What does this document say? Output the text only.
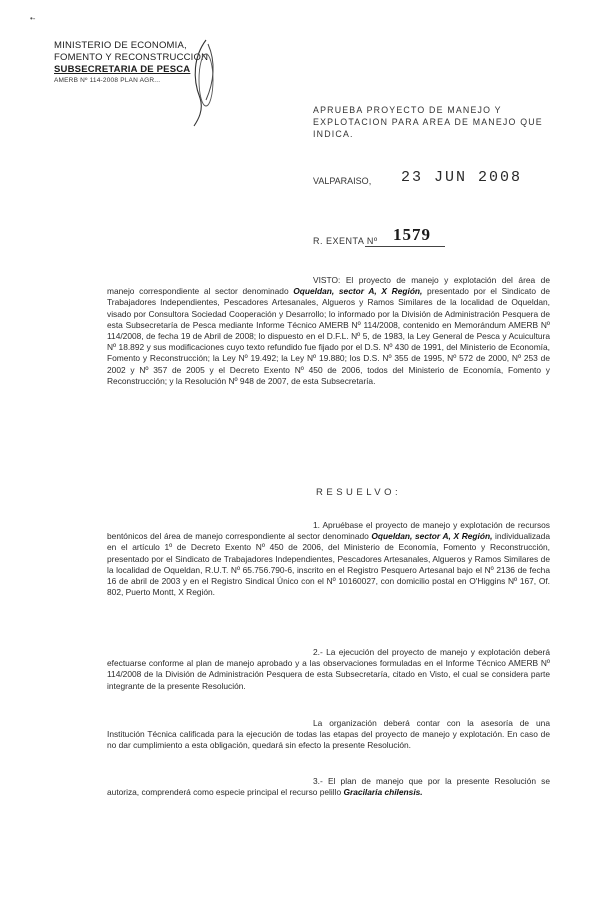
•-
MINISTERIO DE ECONOMIA,
FOMENTO Y RECONSTRUCCION
SUBSECRETARIA DE PESCA
AMERB Nº 114-2008 PLAN AGR...
APRUEBA PROYECTO DE MANEJO Y EXPLOTACION PARA AREA DE MANEJO QUE INDICA.
VALPARAISO, 23 JUN 2008
R. EXENTA Nº 1579
VISTO: El proyecto de manejo y explotación del área de manejo correspondiente al sector denominado Oqueldan, sector A, X Región, presentado por el Sindicato de Trabajadores Independientes, Pescadores Artesanales, Algueros y Ramos Similares de la localidad de Oqueldan, visado por Consultora Sociedad Cooperación y Desarrollo; lo informado por la División de Administración Pesquera de esta Subsecretaría de Pesca mediante Informe Técnico AMERB Nº 114/2008, contenido en Memorándum AMERB Nº 114/2008, de fecha 19 de Abril de 2008; lo dispuesto en el D.F.L. Nº 5, de 1983, la Ley General de Pesca y Acuicultura Nº 18.892 y sus modificaciones cuyo texto refundido fue fijado por el D.S. Nº 430 de 1991, del Ministerio de Economía, Fomento y Reconstrucción; la Ley Nº 19.492; la Ley Nº 19.880; los D.S. Nº 355 de 1995, Nº 572 de 2000, Nº 253 de 2002 y Nº 357 de 2005 y el Decreto Exento Nº 450 de 2006, todos del Ministerio de Economía, Fomento y Reconstrucción; y la Resolución Nº 948 de 2007, de esta Subsecretaría.
RESUELVO:
1. Apruébase el proyecto de manejo y explotación de recursos bentónicos del área de manejo correspondiente al sector denominado Oqueldan, sector A, X Región, individualizada en el artículo 1º de Decreto Exento Nº 450 de 2006, del Ministerio de Economía, Fomento y Reconstrucción, presentado por el Sindicato de Trabajadores Independientes, Pescadores Artesanales, Algueros y Ramos Similares de la localidad de Oqueldan, R.U.T. Nº 65.756.790-6, inscrito en el Registro Pesquero Artesanal bajo el Nº 2136 de fecha 16 de abril de 2003 y en el Registro Sindical Único con el Nº 10160027, con domicilio postal en O'Higgins Nº 167, Of. 802, Puerto Montt, X Región.
2.- La ejecución del proyecto de manejo y explotación deberá efectuarse conforme al plan de manejo aprobado y a las observaciones formuladas en el Informe Técnico AMERB Nº 114/2008 de la División de Administración Pesquera de esta Subsecretaría, citado en Visto, el cual se considera parte integrante de la presente Resolución.
La organización deberá contar con la asesoría de una Institución Técnica calificada para la ejecución de todas las etapas del proyecto de manejo y explotación. En caso de no dar cumplimiento a esta obligación, quedará sin efecto la presente Resolución.
3.- El plan de manejo que por la presente Resolución se autoriza, comprenderá como especie principal el recurso pelillo Gracilaria chilensis.
